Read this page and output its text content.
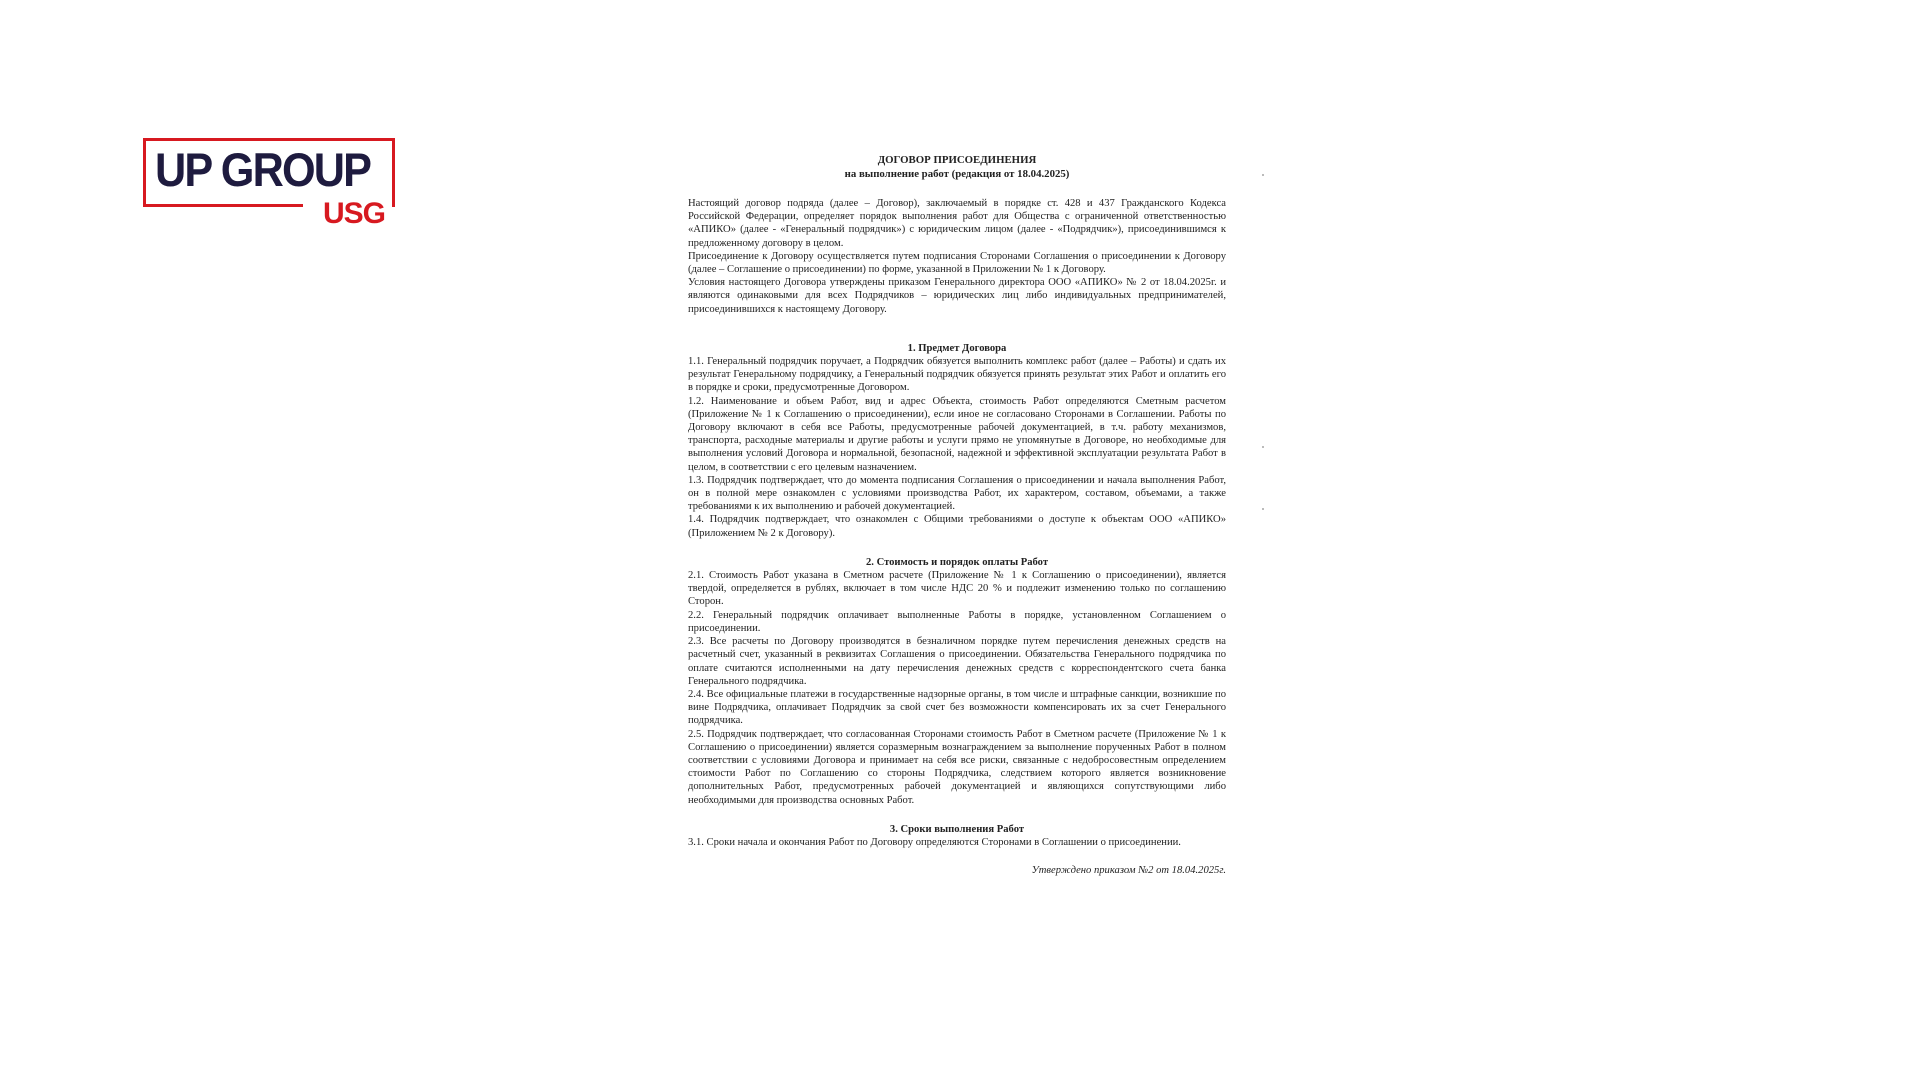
UP GROUP
USG

ДОГОВОР ПРИСОЕДИНЕНИЯ

на выполнение работ (редакция от 18.04.2025)

Настоящий договор подряда (далее – Договор), заключаемый в порядке ст. 428 и 437 Гражданского Кодекса Российской Федерации, определяет порядок выполнения работ для Общества с ограниченной ответственностью «АПИКО» (далее - «Генеральный подрядчик») с юридическим лицом (далее - «Подрядчик»), присоединившимся к предложенному договору в целом.

Присоединение к Договору осуществляется путем подписания Сторонами Соглашения о присоединении к Договору (далее – Соглашение о присоединении) по форме, указанной в Приложении № 1 к Договору.

Условия настоящего Договора утверждены приказом Генерального директора ООО «АПИКО» № 2 от 18.04.2025г. и являются одинаковыми для всех Подрядчиков – юридических лиц либо индивидуальных предпринимателей, присоединившихся к настоящему Договору.

1. Предмет Договора

1.1. Генеральный подрядчик поручает, а Подрядчик обязуется выполнить комплекс работ (далее – Работы) и сдать их результат Генеральному подрядчику, а Генеральный подрядчик обязуется принять результат этих Работ и оплатить его в порядке и сроки, предусмотренные Договором.

1.2. Наименование и объем Работ, вид и адрес Объекта, стоимость Работ определяются Сметным расчетом (Приложение № 1 к Соглашению о присоединении), если иное не согласовано Сторонами в Соглашении. Работы по Договору включают в себя все Работы, предусмотренные рабочей документацией, в т.ч. работу механизмов, транспорта, расходные материалы и другие работы и услуги прямо не упомянутые в Договоре, но необходимые для выполнения условий Договора и нормальной, безопасной, надежной и эффективной эксплуатации результата Работ в целом, в соответствии с его целевым назначением.

1.3. Подрядчик подтверждает, что до момента подписания Соглашения о присоединении и начала выполнения Работ, он в полной мере ознакомлен с условиями производства Работ, их характером, составом, объемами, а также требованиями к их выполнению и рабочей документацией.

1.4. Подрядчик подтверждает, что ознакомлен с Общими требованиями о доступе к объектам ООО «АПИКО» (Приложением № 2 к Договору).

2. Стоимость и порядок оплаты Работ

2.1. Стоимость Работ указана в Сметном расчете (Приложение № 1 к Соглашению о присоединении), является твердой, определяется в рублях, включает в том числе НДС 20 % и подлежит изменению только по соглашению Сторон.

2.2. Генеральный подрядчик оплачивает выполненные Работы в порядке, установленном Соглашением о присоединении.

2.3. Все расчеты по Договору производятся в безналичном порядке путем перечисления денежных средств на расчетный счет, указанный в реквизитах Соглашения о присоединении. Обязательства Генерального подрядчика по оплате считаются исполненными на дату перечисления денежных средств с корреспондентского счета банка Генерального подрядчика.

2.4. Все официальные платежи в государственные надзорные органы, в том числе и штрафные санкции, возникшие по вине Подрядчика, оплачивает Подрядчик за свой счет без возможности компенсировать их за счет Генерального подрядчика.

2.5. Подрядчик подтверждает, что согласованная Сторонами стоимость Работ в Сметном расчете (Приложение № 1 к Соглашению о присоединении) является соразмерным вознаграждением за выполнение порученных Работ в полном соответствии с условиями Договора и принимает на себя все риски, связанные с недобросовестным определением стоимости Работ по Соглашению со стороны Подрядчика, следствием которого является возникновение дополнительных Работ, предусмотренных рабочей документацией и являющихся сопутствующими либо необходимыми для производства основных Работ.

3. Сроки выполнения Работ

3.1. Сроки начала и окончания Работ по Договору определяются Сторонами в Соглашении о присоединении.

Утверждено приказом №2 от 18.04.2025г.
